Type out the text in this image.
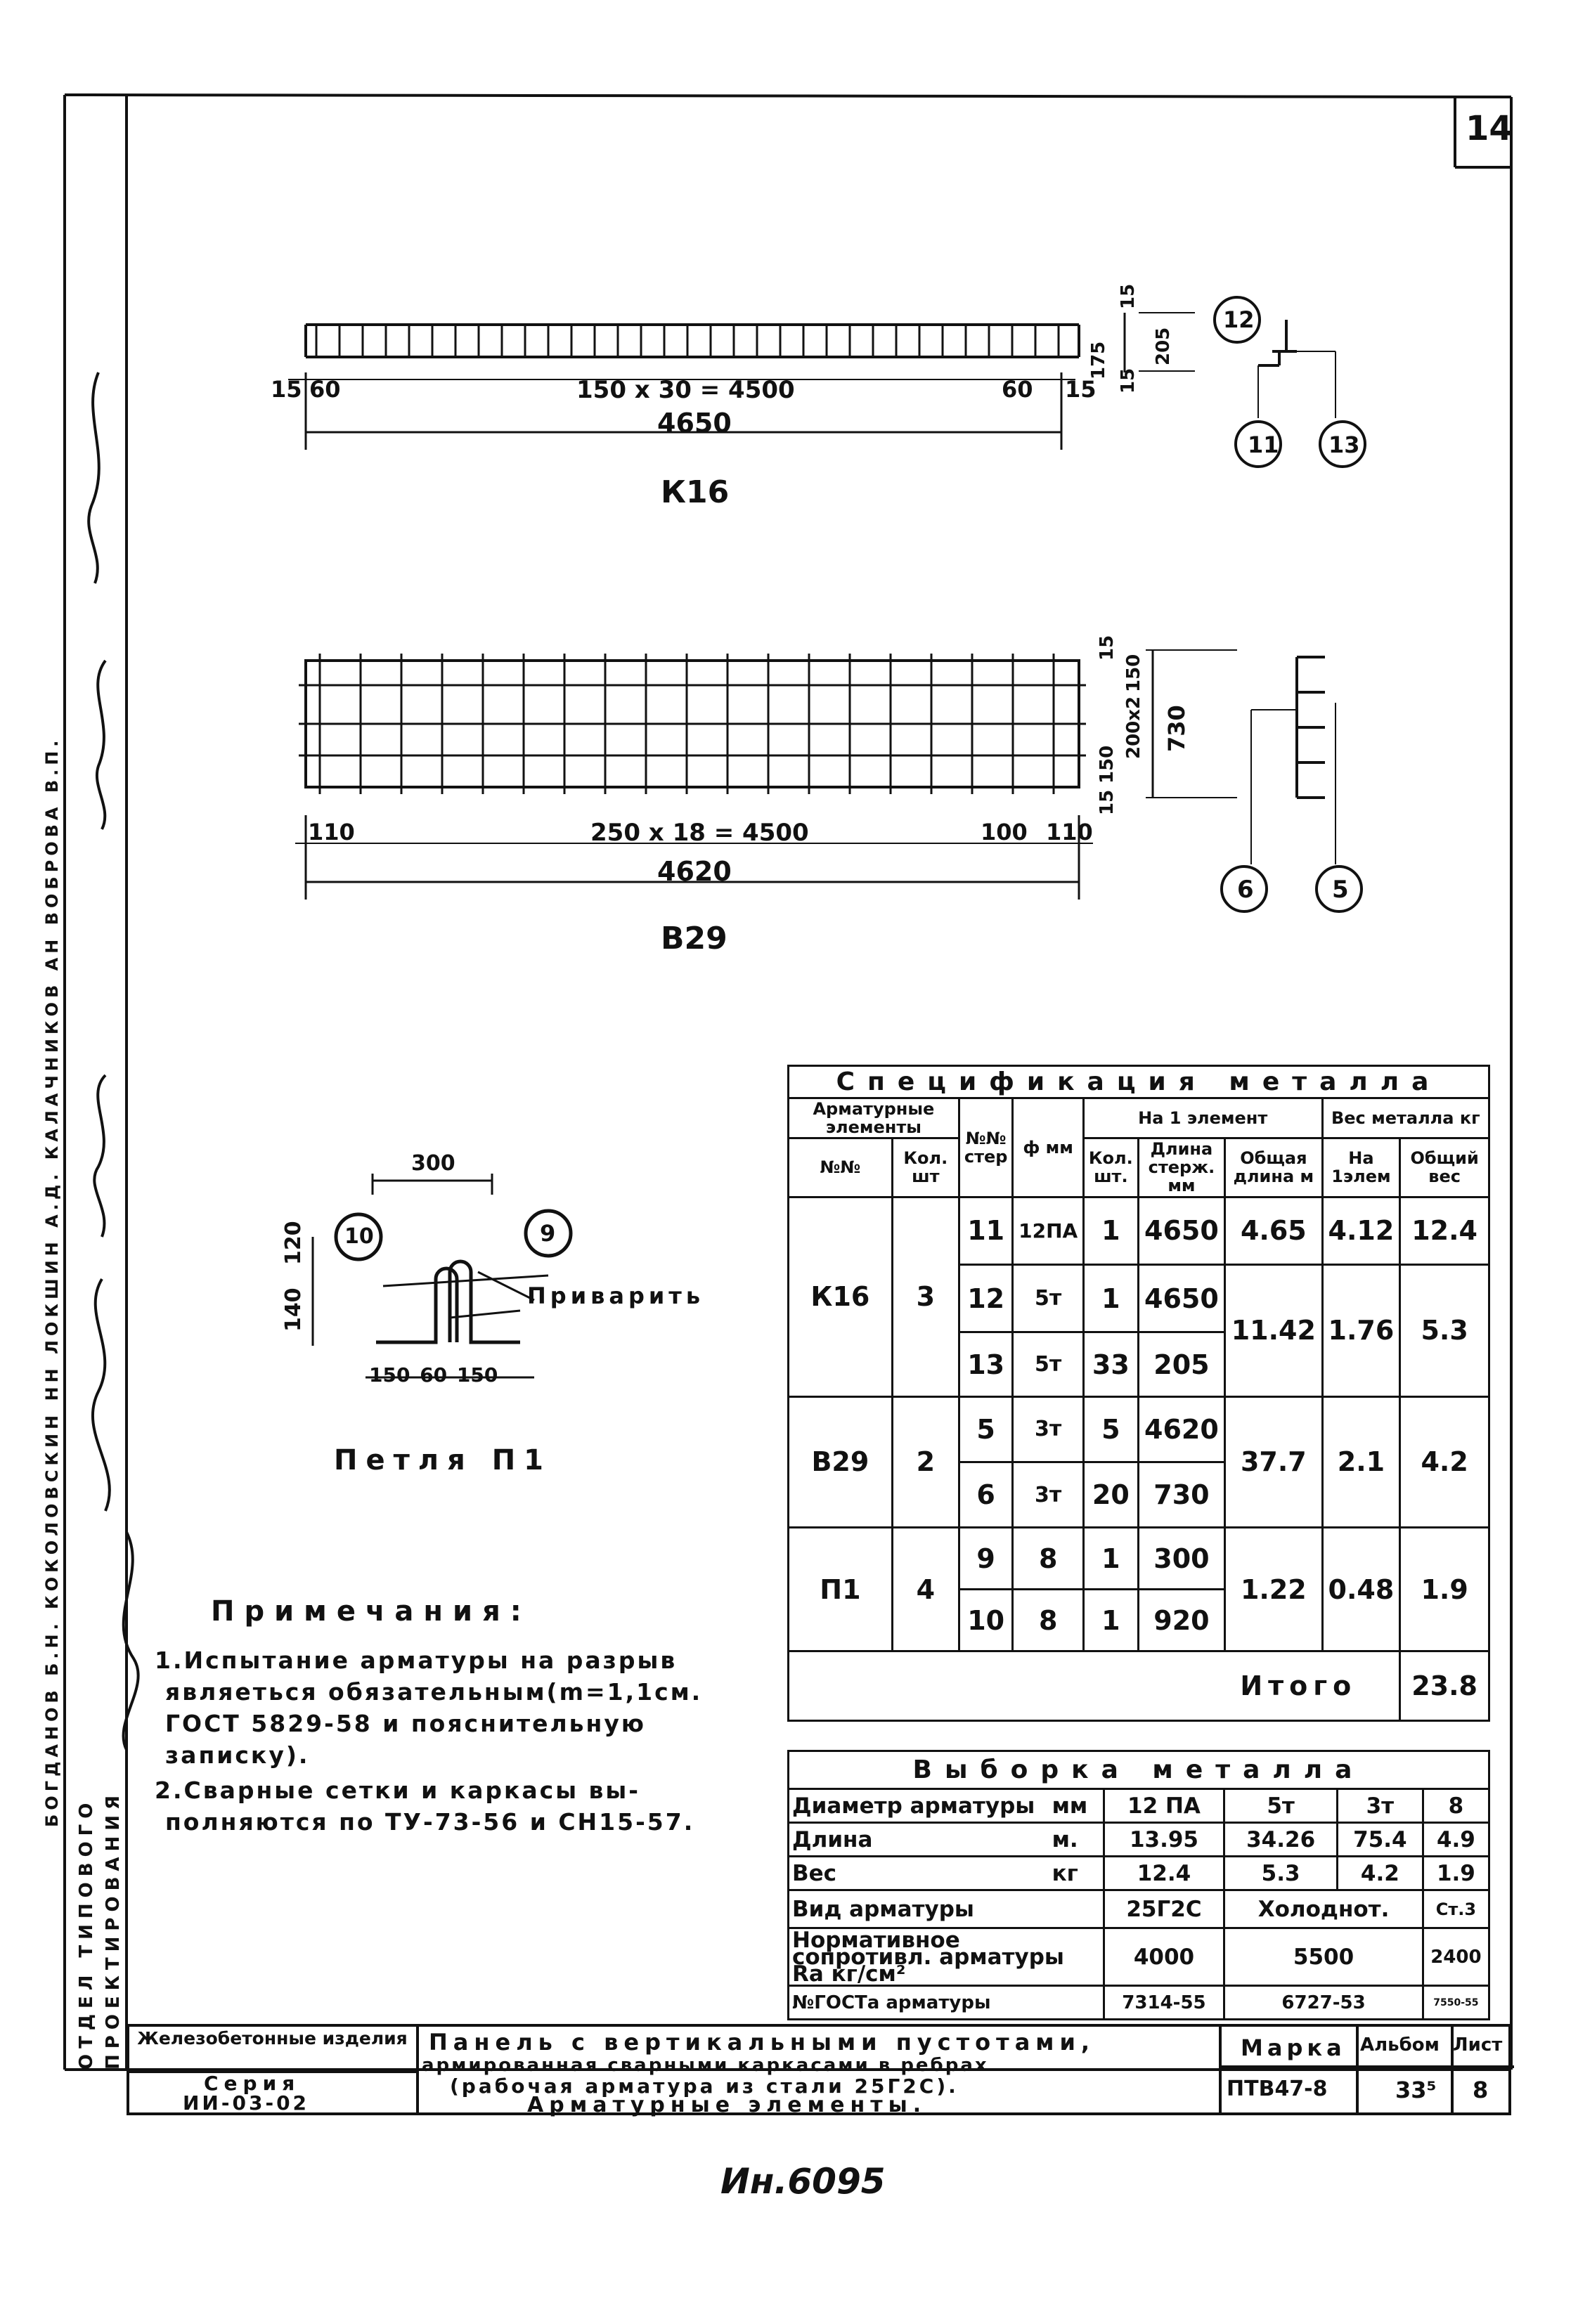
14
ОТДЕЛ ТИПОВОГО ПРОЕКТИРОВАНИЯ
БОГДАНОВ Б.Н. КОКОЛОВСКИН НН ЛОКШИН А.Д. КАЛАЧНИКОВ АН ВОБРОВА В.П.
15 60	150 х 30 = 4500	60 15
4650
К16
175
15
205
15
12
11 13
110	250 х 18 = 4500	100 110
4620
В29
15
150
200х2
150
15
730
6	5
300
120
140
150 60 150
Приварить
10	9
Петля П1
Примечания:
1.Испытание арматуры на разрыв
являеться обязательным(m=1,1см.
ГОСТ 5829-58 и пояснительную
записку).
2.Сварные сетки и каркасы вы-
полняются по ТУ-73-56 и СН15-57.
Спецификация металла								
Арматурные элементы		№№ стер	ф мм	На 1 элемент			Вес металла кг	
№№	Кол. шт			Кол. шт.	Длина стерж. мм	Общая длина м	На 1элем	Общий вес
К16	3	11	12ПА	1	4650	4.65	4.12	12.4
		12	5т	1	4650	11.42	1.76	5.3
		13	5т	33	205			
В29	2	5	3т	5	4620	37.7	2.1	4.2
		6	3т	20	730			
П1	4	9	8	1	300	1.22	0.48	1.9
		10	8	1	920			
Итого								23.8
Выборка металла					
Диаметр арматуры	мм	12 ПА	5т	3т	8
Длина	м.	13.95	34.26	75.4	4.9
Вес	кг	12.4	5.3	4.2	1.9
Вид арматуры		25Г2С	Холоднот.		Ст.3
Нормативное сопротивл. арматуры Rа кг/см²		4000	5500		2400
№ГОСТа арматуры		7314-55	6727-53		7550-55
Железобетонные изделия
Серия
ИИ-03-02
Панель с вертикальными пустотами,
армированная сварными каркасами в ребрах
(рабочая арматура из стали 25Г2С).
Арматурные элементы.
Марка
ПТВ47-8
Альбом
33⁵
Лист
8
Ин.6095
